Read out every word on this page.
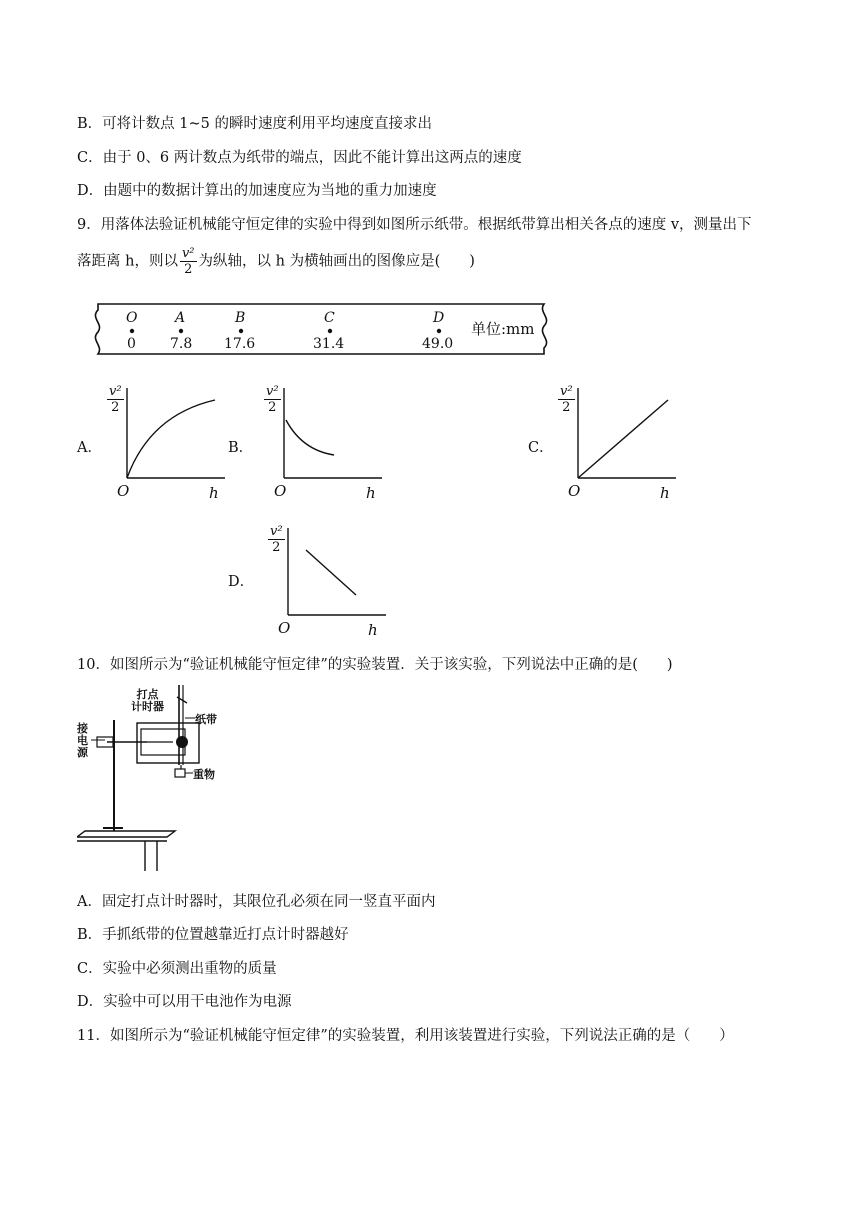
B．可将计数点 1~5 的瞬时速度利用平均速度直接求出
C．由于 0、6 两计数点为纸带的端点，因此不能计算出这两点的速度
D．由题中的数据计算出的加速度应为当地的重力加速度
9．用落体法验证机械能守恒定律的实验中得到如图所示纸带。根据纸带算出相关各点的速度 v，测量出下
落距离 h，则以 $\frac{\text{v²}}{2}$ 为纵轴，以 h 为横轴画出的图像应是(　　)
O	A	B	C	D
0 7.8 17.6	31.4	49.0
单位:mm
A．
$\frac{\text{v²}}{2}$
O	h
B．
$\frac{\text{v²}}{2}$
O	h
C．
$\frac{\text{v²}}{2}$
O	h
D．
$\frac{\text{v²}}{2}$
O	h
10．如图所示为“验证机械能守恒定律”的实验装置．关于该实验，下列说法中正确的是(　　)
打点
计时器
纸带
重物
接
电
源
A．固定打点计时器时，其限位孔必须在同一竖直平面内
B．手抓纸带的位置越靠近打点计时器越好
C．实验中必须测出重物的质量
D．实验中可以用干电池作为电源
11．如图所示为“验证机械能守恒定律”的实验装置，利用该装置进行实验，下列说法正确的是（　　）
